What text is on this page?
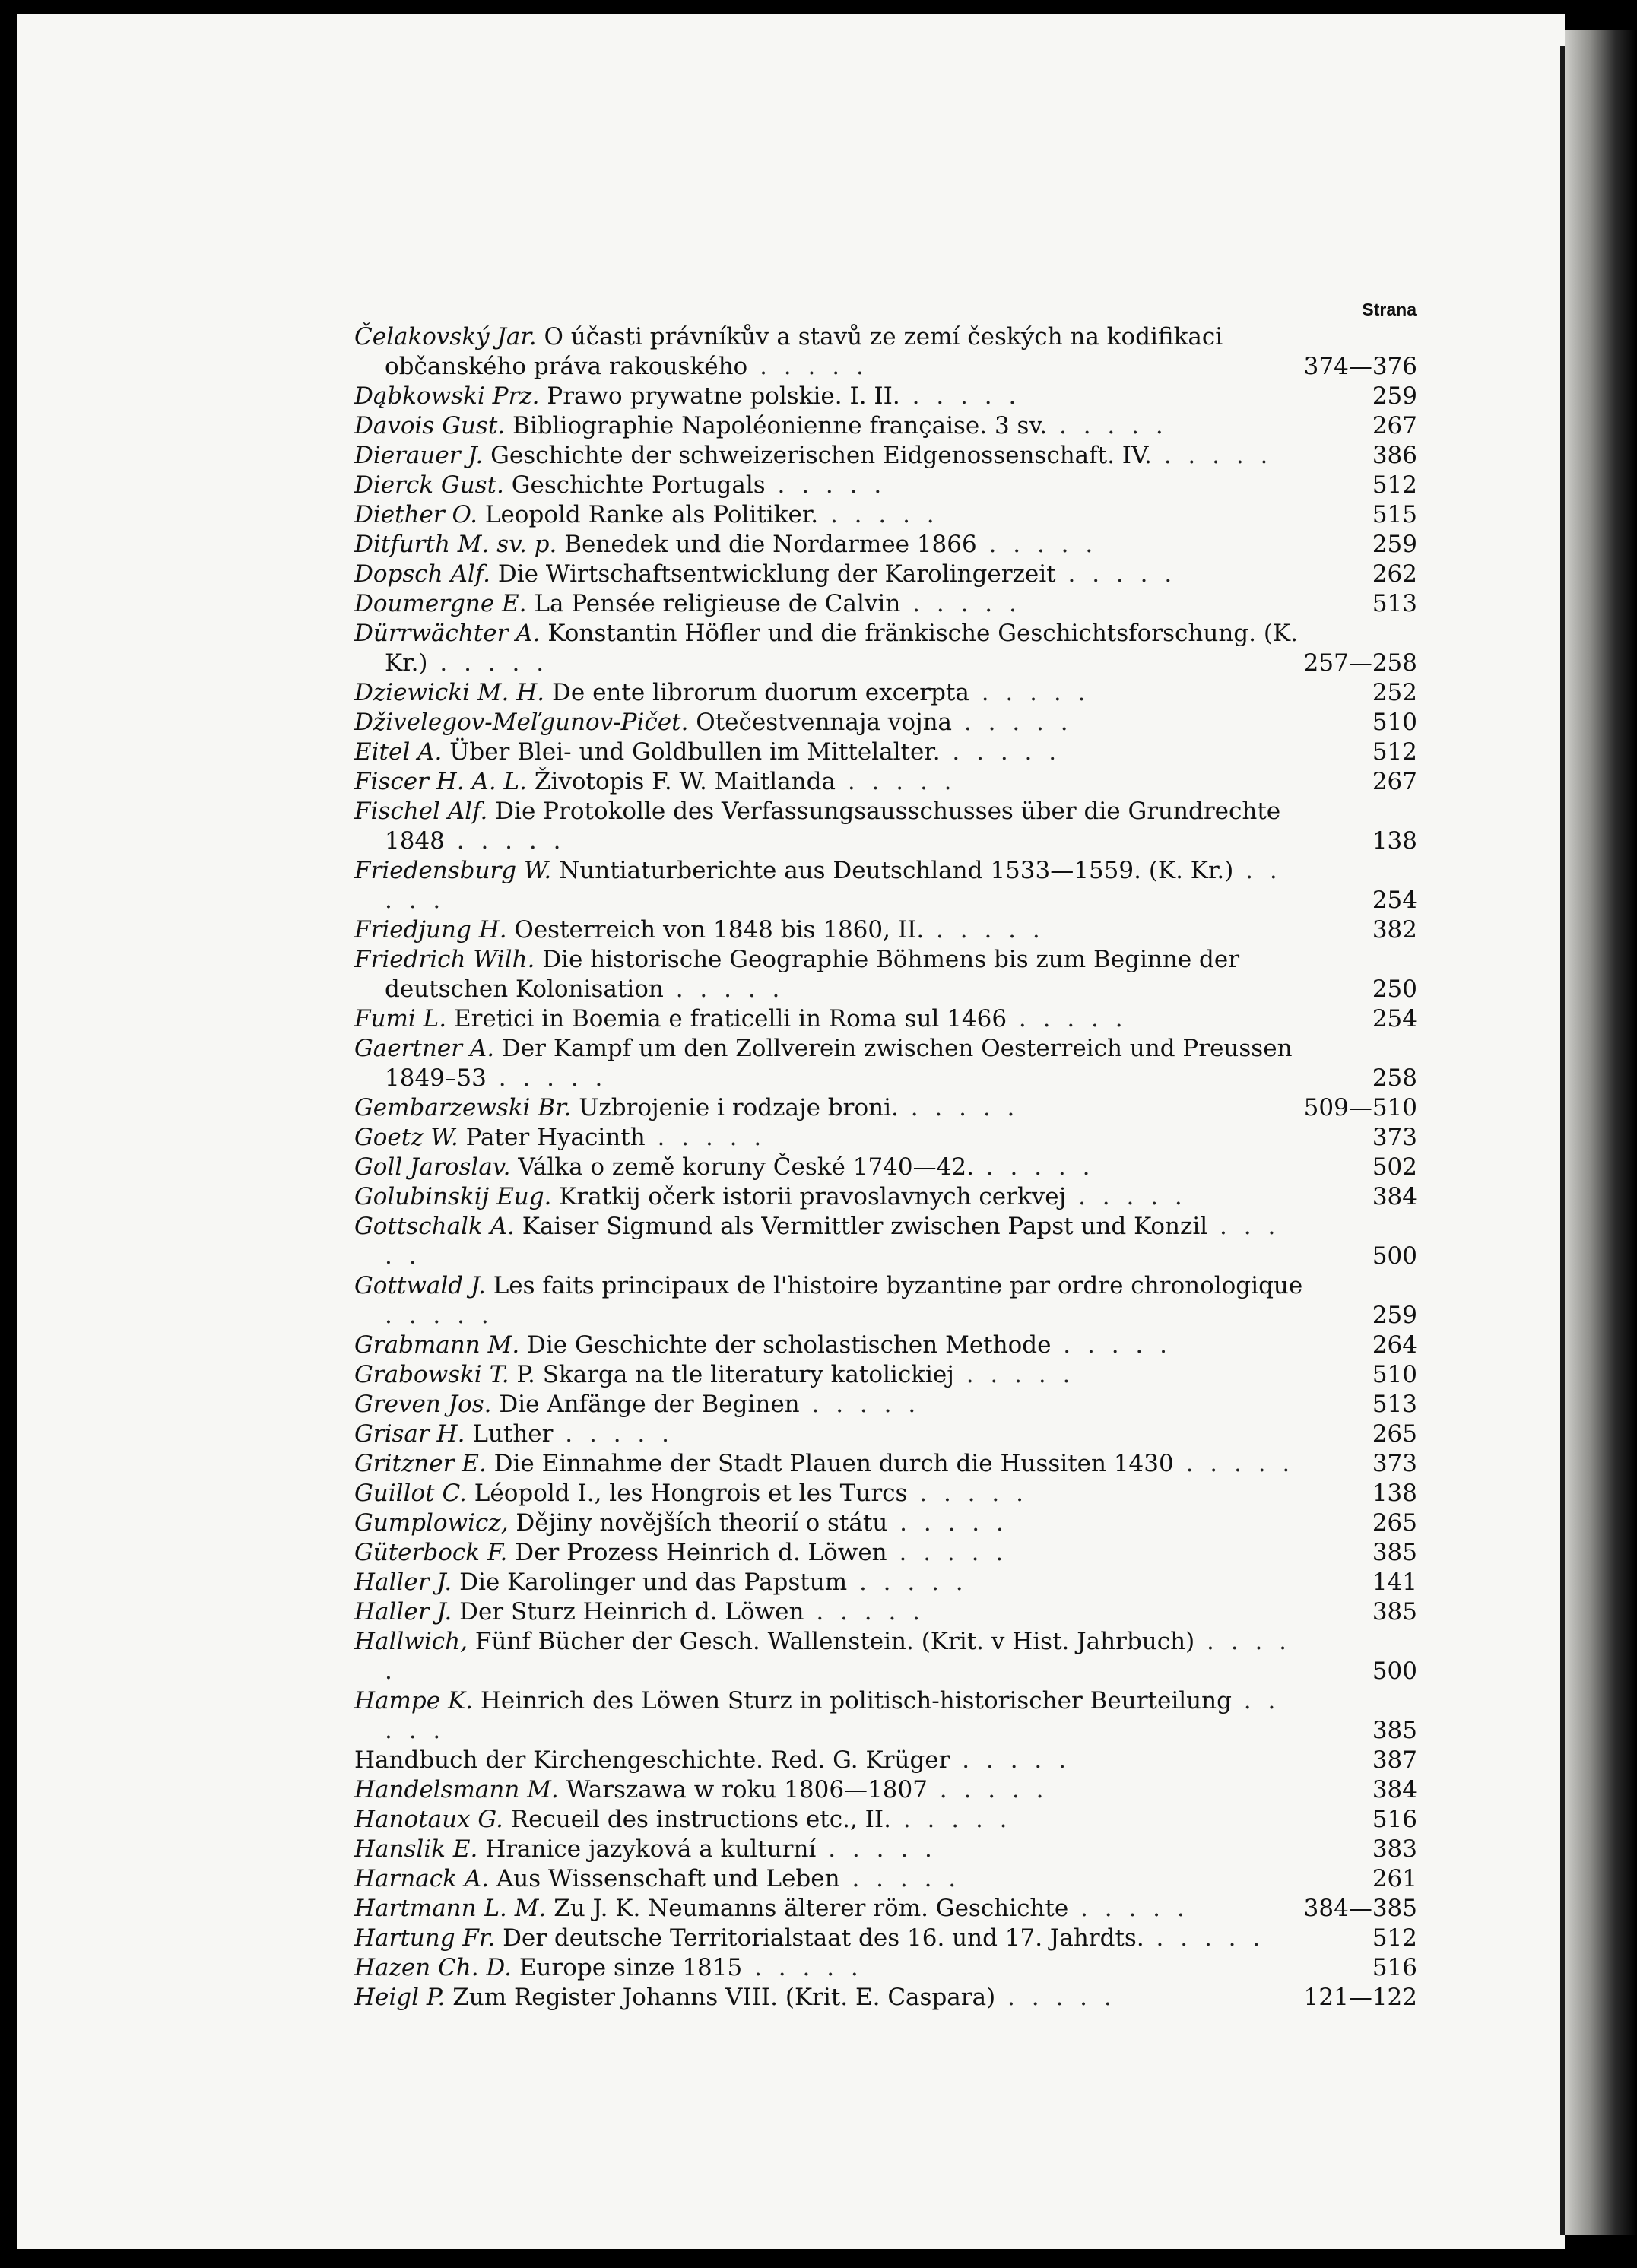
Strana

Čelakovský Jar. O účasti právníkův a stavů ze zemí českých na kodifikaci občanského práva rakouského . . . . .	374—376

Dąbkowski Prz. Prawo prywatne polskie. I. II. . . . . .	259

Davois Gust. Bibliographie Napoléonienne française. 3 sv. . . . . .	267

Dierauer J. Geschichte der schweizerischen Eidgenossenschaft. IV. . . . . .	386

Dierck Gust. Geschichte Portugals . . . . .	512

Diether O. Leopold Ranke als Politiker. . . . . .	515

Ditfurth M. sv. p. Benedek und die Nordarmee 1866 . . . . .	259

Dopsch Alf. Die Wirtschaftsentwicklung der Karolingerzeit . . . . .	262

Doumergne E. La Pensée religieuse de Calvin . . . . .	513

Dürrwächter A. Konstantin Höfler und die fränkische Geschichtsforschung. (K. Kr.) . . . . .	257—258

Dziewicki M. H. De ente librorum duorum excerpta . . . . .	252

Dživelegov-Meľgunov-Pičet. Otečestvennaja vojna . . . . .	510

Eitel A. Über Blei- und Goldbullen im Mittelalter. . . . . .	512

Fiscer H. A. L. Životopis F. W. Maitlanda . . . . .	267

Fischel Alf. Die Protokolle des Verfassungsausschusses über die Grundrechte 1848 . . . . .	138

Friedensburg W. Nuntiaturberichte aus Deutschland 1533—1559. (K. Kr.) . . . . .	254

Friedjung H. Oesterreich von 1848 bis 1860, II. . . . . .	382

Friedrich Wilh. Die historische Geographie Böhmens bis zum Beginne der deutschen Kolonisation . . . . .	250

Fumi L. Eretici in Boemia e fraticelli in Roma sul 1466 . . . . .	254

Gaertner A. Der Kampf um den Zollverein zwischen Oesterreich und Preussen 1849–53 . . . . .	258

Gembarzewski Br. Uzbrojenie i rodzaje broni. . . . . .	509—510

Goetz W. Pater Hyacinth . . . . .	373

Goll Jaroslav. Válka o země koruny České 1740—42. . . . . .	502

Golubinskij Eug. Kratkij očerk istorii pravoslavnych cerkvej . . . . .	384

Gottschalk A. Kaiser Sigmund als Vermittler zwischen Papst und Konzil . . . . .	500

Gottwald J. Les faits principaux de l'histoire byzantine par ordre chronologique . . . . .	259

Grabmann M. Die Geschichte der scholastischen Methode . . . . .	264

Grabowski T. P. Skarga na tle literatury katolickiej . . . . .	510

Greven Jos. Die Anfänge der Beginen . . . . .	513

Grisar H. Luther . . . . .	265

Gritzner E. Die Einnahme der Stadt Plauen durch die Hussiten 1430 . . . . .	373

Guillot C. Léopold I., les Hongrois et les Turcs . . . . .	138

Gumplowicz, Dějiny novějších theorií o státu . . . . .	265

Güterbock F. Der Prozess Heinrich d. Löwen . . . . .	385

Haller J. Die Karolinger und das Papstum . . . . .	141

Haller J. Der Sturz Heinrich d. Löwen . . . . .	385

Hallwich, Fünf Bücher der Gesch. Wallenstein. (Krit. v Hist. Jahrbuch) . . . . .	500

Hampe K. Heinrich des Löwen Sturz in politisch-historischer Beurteilung . . . . .	385

Handbuch der Kirchengeschichte. Red. G. Krüger . . . . .	387

Handelsmann M. Warszawa w roku 1806—1807 . . . . .	384

Hanotaux G. Recueil des instructions etc., II. . . . . .	516

Hanslik E. Hranice jazyková a kulturní . . . . .	383

Harnack A. Aus Wissenschaft und Leben . . . . .	261

Hartmann L. M. Zu J. K. Neumanns älterer röm. Geschichte . . . . .	384—385

Hartung Fr. Der deutsche Territorialstaat des 16. und 17. Jahrdts. . . . . .	512

Hazen Ch. D. Europe sinze 1815 . . . . .	516

Heigl P. Zum Register Johanns VIII. (Krit. E. Caspara) . . . . .	121—122
